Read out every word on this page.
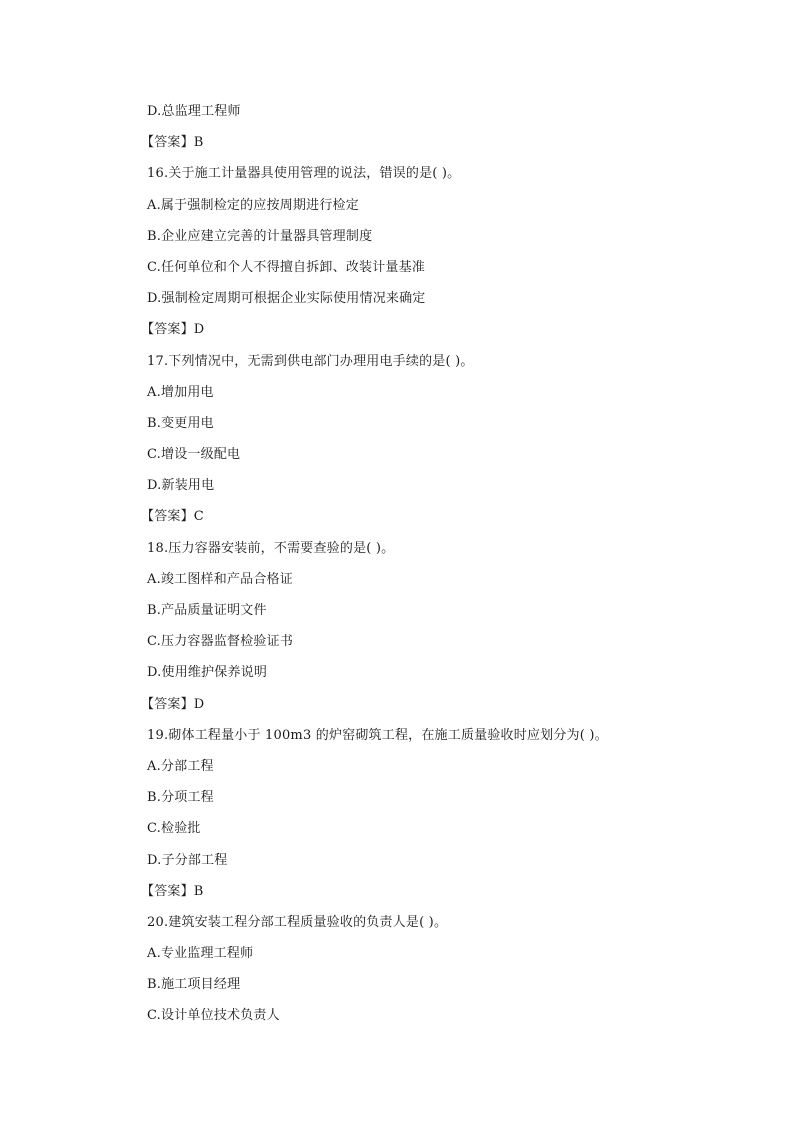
D.总监理工程师
【答案】B
16.关于施工计量器具使用管理的说法，错误的是( )。
A.属于强制检定的应按周期进行检定
B.企业应建立完善的计量器具管理制度
C.任何单位和个人不得擅自拆卸、改装计量基准
D.强制检定周期可根据企业实际使用情况来确定
【答案】D
17.下列情况中，无需到供电部门办理用电手续的是( )。
A.增加用电
B.变更用电
C.增设一级配电
D.新装用电
【答案】C
18.压力容器安装前，不需要查验的是( )。
A.竣工图样和产品合格证
B.产品质量证明文件
C.压力容器监督检验证书
D.使用维护保养说明
【答案】D
19.砌体工程量小于 100m3 的炉窑砌筑工程，在施工质量验收时应划分为( )。
A.分部工程
B.分项工程
C.检验批
D.子分部工程
【答案】B
20.建筑安装工程分部工程质量验收的负责人是( )。
A.专业监理工程师
B.施工项目经理
C.设计单位技术负责人
